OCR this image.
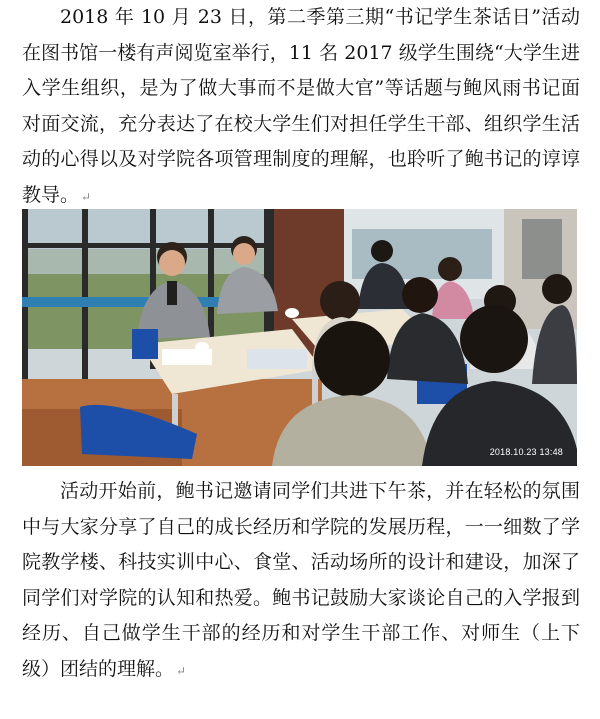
2018 年 10 月 23 日，第二季第三期“书记学生茶话日”活动在图书馆一楼有声阅览室举行，11 名 2017 级学生围绕“大学生进入学生组织，是为了做大事而不是做大官”等话题与鲍风雨书记面对面交流，充分表达了在校大学生们对担任学生干部、组织学生活动的心得以及对学院各项管理制度的理解，也聆听了鲍书记的谆谆教导。 ↵

2018.10.23 13:48

活动开始前，鲍书记邀请同学们共进下午茶，并在轻松的氛围中与大家分享了自己的成长经历和学院的发展历程，一一细数了学院教学楼、科技实训中心、食堂、活动场所的设计和建设，加深了同学们对学院的认知和热爱。鲍书记鼓励大家谈论自己的入学报到经历、自己做学生干部的经历和对学生干部工作、对师生（上下级）团结的理解。 ↵
